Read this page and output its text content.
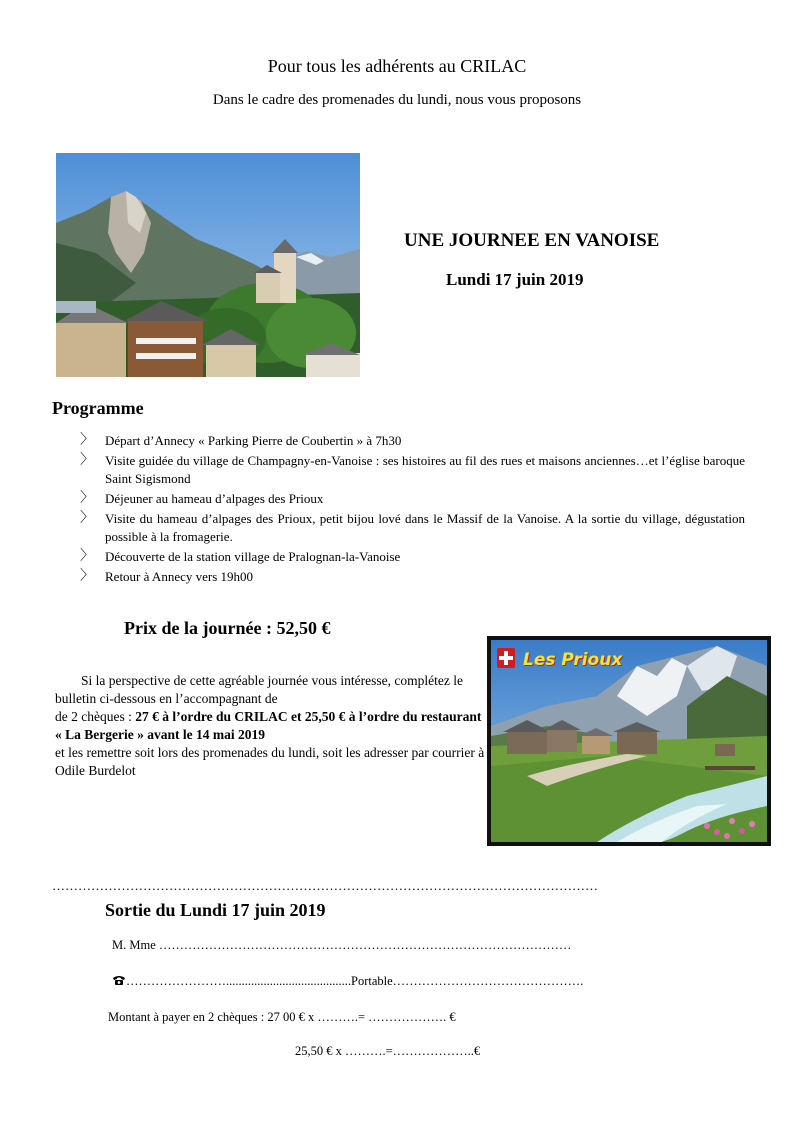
Pour tous les adhérents au CRILAC
Dans le cadre des promenades du lundi, nous vous proposons
UNE JOURNEE EN VANOISE
Lundi 17 juin 2019
Programme
〉 Départ d’Annecy « Parking Pierre de Coubertin » à 7h30
〉 Visite guidée du village de Champagny-en-Vanoise : ses histoires au fil des rues et maisons anciennes…et l’église baroque Saint Sigismond
〉 Déjeuner au hameau d’alpages des Prioux
〉 Visite du hameau d’alpages des Prioux, petit bijou lové dans le Massif de la Vanoise. A la sortie du village, dégustation possible à la fromagerie.
〉 Découverte de la station village de Pralognan-la-Vanoise
〉 Retour à Annecy vers 19h00
Prix de la journée : 52,50 €
Si la perspective de cette agréable journée vous intéresse, complétez le bulletin ci-dessous en l’accompagnant de
de 2 chèques : 27 € à l’ordre du CRILAC et 25,50 € à l’ordre du restaurant « La Bergerie » avant le 14 mai 2019
et les remettre soit lors des promenades du lundi, soit les adresser par courrier à Odile Burdelot
Les Prioux
………………………………………………………………………………………………………………
Sortie du Lundi 17 juin 2019
M. Mme ………………………………………………………………………………………
……………………........................................Portable……………………………………….
Montant à payer en 2 chèques : 27 00 € x ……….= ………………. €
25,50 € x ……….=………………..€
